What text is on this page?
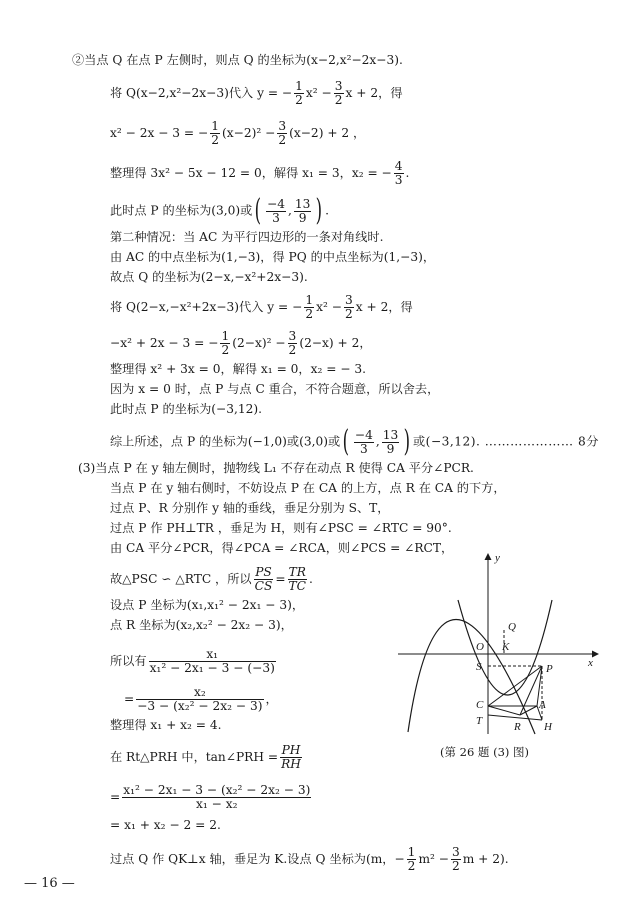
②当点 Q 在点 P 左侧时，则点 Q 的坐标为(x−2,x²−2x−3).
将 Q(x−2,x²−2x−3)代入 y = − $\frac{1}{2} x^2 - \frac{3}{2}$ x + 2，得
x² − 2x − 3 = − $\frac{1}{2} (x-2)^2 - \frac{3}{2} (x-2) + 2$ ，
整理得 3x² − 5x − 12 = 0，解得 x₁ = 3，x₂ = − $\frac{4}{3}$ .
此时点 P 的坐标为(3,0)或( $\frac{-4}{3}$ , $\frac{13}{9}$ ) .
第二种情况：当 AC 为平行四边形的一条对角线时.
由 AC 的中点坐标为(1,−3)，得 PQ 的中点坐标为(1,−3)，
故点 Q 的坐标为(2−x,−x²+2x−3).
将 Q(2−x,−x²+2x−3)代入 y = − $\frac{1}{2} x^2 - \frac{3}{2}$ x + 2，得
−x² + 2x − 3 = − $\frac{1}{2} (2-x)^2 - \frac{3}{2} (2-x) + 2$，
整理得 x² + 3x = 0，解得 x₁ = 0，x₂ = − 3.
因为 x = 0 时，点 P 与点 C 重合，不符合题意，所以舍去，
此时点 P 的坐标为(−3,12).
综上所述，点 P 的坐标为(−1,0)或(3,0)或( $\frac{-4}{3}$ , $\frac{13}{9}$ ) 或(−3,12). ………………… 8分
(3)当点 P 在 y 轴左侧时，抛物线 L₁ 不存在动点 R 使得 CA 平分∠PCR.
当点 P 在 y 轴右侧时，不妨设点 P 在 CA 的上方，点 R 在 CA 的下方，
过点 P、R 分别作 y 轴的垂线，垂足分别为 S、T，
过点 P 作 PH⊥TR ，垂足为 H，则有∠PSC = ∠RTC = 90°.
由 CA 平分∠PCR，得∠PCA = ∠RCA，则∠PCS = ∠RCT，
故△PSC ∽ △RTC ，所以 $\frac{PS}{CS} = \frac{TR}{TC}$ .
设点 P 坐标为(x₁,x₁² − 2x₁ − 3)，
点 R 坐标为(x₂,x₂² − 2x₂ − 3)，
所以有 $\frac{\text{x₁}}{\text{x₁² − 2x₁ − 3 − (−3)}}$
= $\frac{\text{x₂}}{\text{−3 − (x₂² − 2x₂ − 3)}}$ ，
整理得 x₁ + x₂ = 4.
在 Rt△PRH 中，tan∠PRH = $\frac{PH}{RH}$
= $\frac{\text{x₁² − 2x₁ − 3 − (x₂² − 2x₂ − 3)}}{\text{x₁ − x₂}}$
= x₁ + x₂ − 2 = 2.
过点 Q 作 QK⊥x 轴，垂足为 K.设点 Q 坐标为(m，− $\frac{1}{2} m^2 - \frac{3}{2}$ m + 2).
y
x
O K
Q
S	P
C	A
T	R H
(第 26 题 (3) 图)
— 16 —
